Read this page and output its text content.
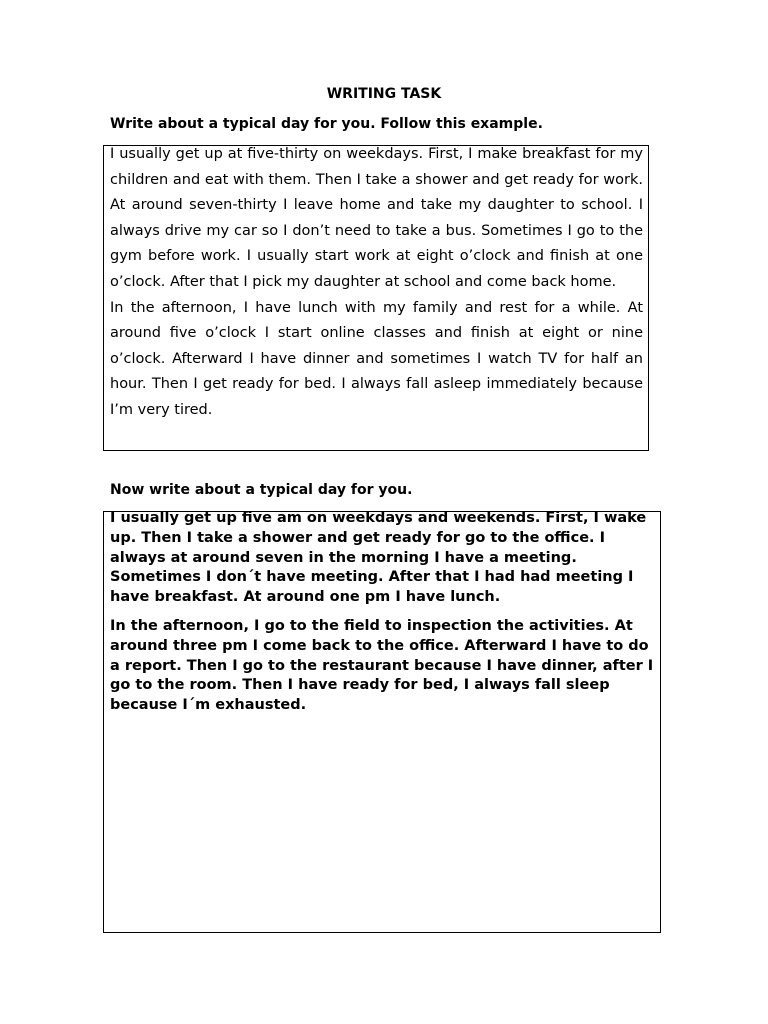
WRITING TASK
Write about a typical day for you. Follow this example.

I usually get up at five-thirty on weekdays. First, I make breakfast for my children and eat with them. Then I take a shower and get ready for work. At around seven-thirty I leave home and take my daughter to school. I always drive my car so I don’t need to take a bus. Sometimes I go to the gym before work. I usually start work at eight o’clock and finish at one o’clock. After that I pick my daughter at school and come back home.

In the afternoon, I have lunch with my family and rest for a while. At around five o’clock I start online classes and finish at eight or nine o’clock. Afterward I have dinner and sometimes I watch TV for half an hour. Then I get ready for bed. I always fall asleep immediately because I’m very tired.

Now write about a typical day for you.

I usually get up five am on weekdays and weekends. First, I wake up. Then I take a shower and get ready for go to the office. I always at around seven in the morning I have a meeting. Sometimes I don´t have meeting. After that I had had meeting I have breakfast. At around one pm I have lunch.

In the afternoon, I go to the field to inspection the activities. At around three pm I come back to the office. Afterward I have to do a report. Then I go to the restaurant because I have dinner, after I go to the room. Then I have ready for bed, I always fall sleep because I´m exhausted.
